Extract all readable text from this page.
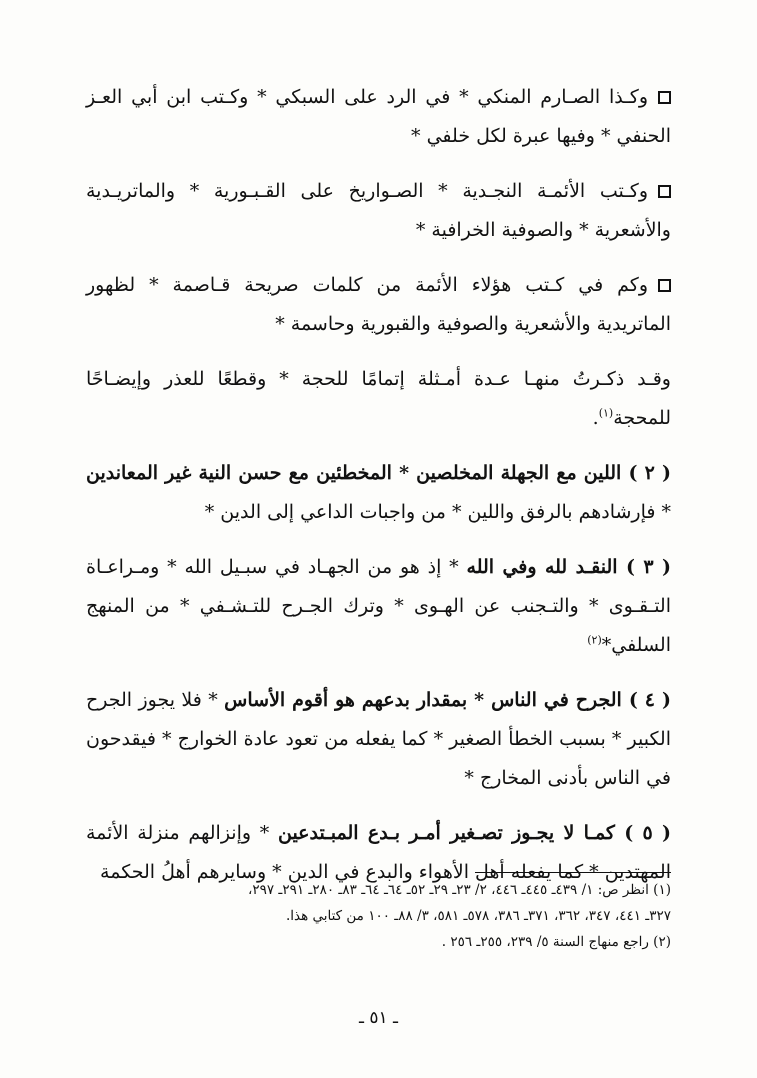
وكـذا الصـارم المنكي * في الرد على السبكي * وكـتب ابن أبي العـز الحنفي * وفيها عبرة لكل خلفي *

وكـتب الأئمـة النجـدية * الصـواريخ على القـبـورية * والماتريـدية والأشعرية * والصوفية الخرافية *

وكم في كـتب هؤلاء الأئمة من كلمات صريحة قـاصمة * لظهور الماتريدية والأشعرية والصوفية والقبورية وحاسمة *

وقـد ذكـرتُ منهـا عـدة أمـثلة إتمامًا للحجة * وقطعًا للعذر وإيضـاحًا للمحجة$^{(١)}$.

( ٢ ) اللين مع الجهلة المخلصين * المخطئين مع حسن النية غير المعاندين * فإرشادهم بالرفق واللين * من واجبات الداعي إلى الدين *

( ٣ ) النقـد لله وفي الله * إذ هو من الجهـاد في سبـيل الله * ومـراعـاة التـقـوى * والتـجنب عن الهـوى * وترك الجـرح للتـشـفي * من المنهج السلفي*$^{(٢)}$

( ٤ ) الجرح في الناس * بمقدار بدعهم هو أقوم الأساس * فلا يجوز الجرح الكبير * بسبب الخطأ الصغير * كما يفعله من تعود عادة الخوارج * فيقدحون في الناس بأدنى المخارج *

( ٥ ) كمـا لا يجـوز تصـغير أمـر بـدع المبـتدعين * وإنزالهم منزلة الأئمة المهتدين * كما يفعله أهل الأهواء والبدع في الدين * وسايرهم أهلُ الحكمة

(١) انظر ص: ١/ ٤٣٩ـ ٤٤٥ـ ٤٤٦، ٢/ ٢٣ـ ٢٩ـ ٥٢ـ ٦٤ـ ٦٤ـ ٨٣ـ ٢٨٠ـ ٢٩١ـ ٢٩٧،
٣٢٧ـ ٤٤١، ٣٤٧، ٣٦٢، ٣٧١ـ ٣٨٦، ٥٧٨ـ ٥٨١، ٣/ ٨٨ـ ١٠٠ من كتابي هذا.
(٢) راجع منهاج السنة ٥/ ٢٣٩، ٢٥٥ـ ٢٥٦ .
ـ ٥١ ـ
